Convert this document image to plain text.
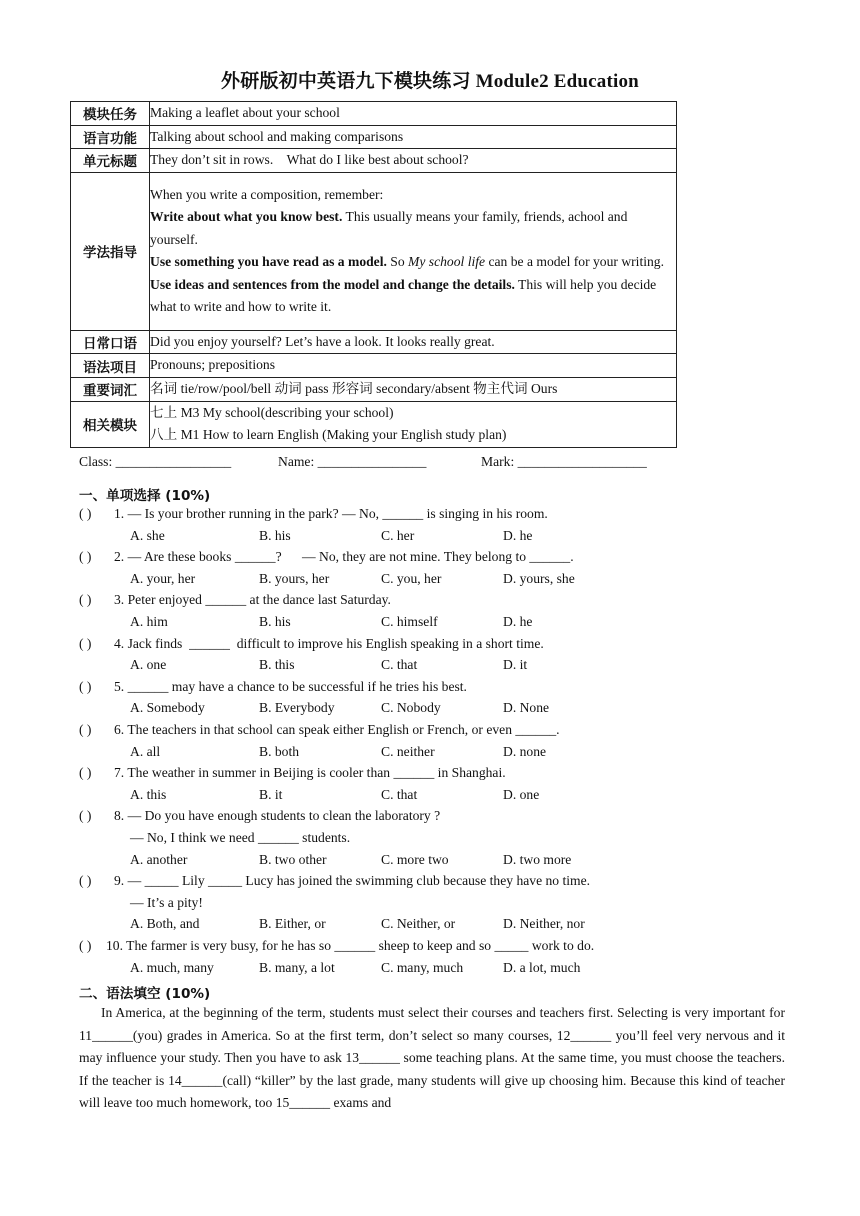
外研版初中英语九下模块练习 Module2 Education
模块任务	Making a leaflet about your school
语言功能	Talking about school and making comparisons
单元标题	They don’t sit in rows.    What do I like best about school?
学法指导	When you write a composition, remember:

Write about what you know best. This usually means your family, friends, achool and yourself.

Use something you have read as a model. So My school life can be a model for your writing.

Use ideas and sentences from the model and change the details. This will help you decide what to write and how to write it.

日常口语	Did you enjoy yourself? Let’s have a look. It looks really great.
语法项目	Pronouns; prepositions
重要词汇	名词 tie/row/pool/bell 动词 pass 形容词 secondary/absent 物主代词 Ours
相关模块	七上 M3 My school(describing your school)

八上 M1 How to learn English (Making your English study plan)

Class: _________________	Name: ________________	Mark: ___________________
一、单项选择 (10%)
( ) 1. — Is your brother running in the park? — No, ______ is singing in his room.
A. she	B. his	C. her	D. he
( ) 2. — Are these books ______?      — No, they are not mine. They belong to ______.
A. your, her	B. yours, her	C. you, her	D. yours, she
( ) 3. Peter enjoyed ______ at the dance last Saturday.
A. him	B. his	C. himself	D. he
( ) 4. Jack finds  ______  difficult to improve his English speaking in a short time.
A. one	B. this	C. that	D. it
( ) 5. ______ may have a chance to be successful if he tries his best.
A. Somebody	B. Everybody	C. Nobody	D. None
( ) 6. The teachers in that school can speak either English or French, or even ______.
A. all	B. both	C. neither	D. none
( ) 7. The weather in summer in Beijing is cooler than ______ in Shanghai.
A. this	B. it	C. that	D. one
( ) 8. — Do you have enough students to clean the laboratory ?
— No, I think we need ______ students.
A. another	B. two other	C. more two	D. two more
( ) 9. — _____ Lily _____ Lucy has joined the swimming club because they have no time.
— It’s a pity!
A. Both, and	B. Either, or	C. Neither, or	D. Neither, nor
( ) 10. The farmer is very busy, for he has so ______ sheep to keep and so _____ work to do.
A. much, many	B. many, a lot	C. many, much	D. a lot, much
二、语法填空 (10%)
In America, at the beginning of the term, students must select their courses and teachers first. Selecting is very important for 11______(you) grades in America. So at the first term, don’t select so many courses, 12______ you’ll feel very nervous and it may influence your study. Then you have to ask 13______ some teaching plans. At the same time, you must choose the teachers. If the teacher is 14______(call) “killer” by the last grade, many students will give up choosing him. Because this kind of teacher will leave too much homework, too 15______ exams and
